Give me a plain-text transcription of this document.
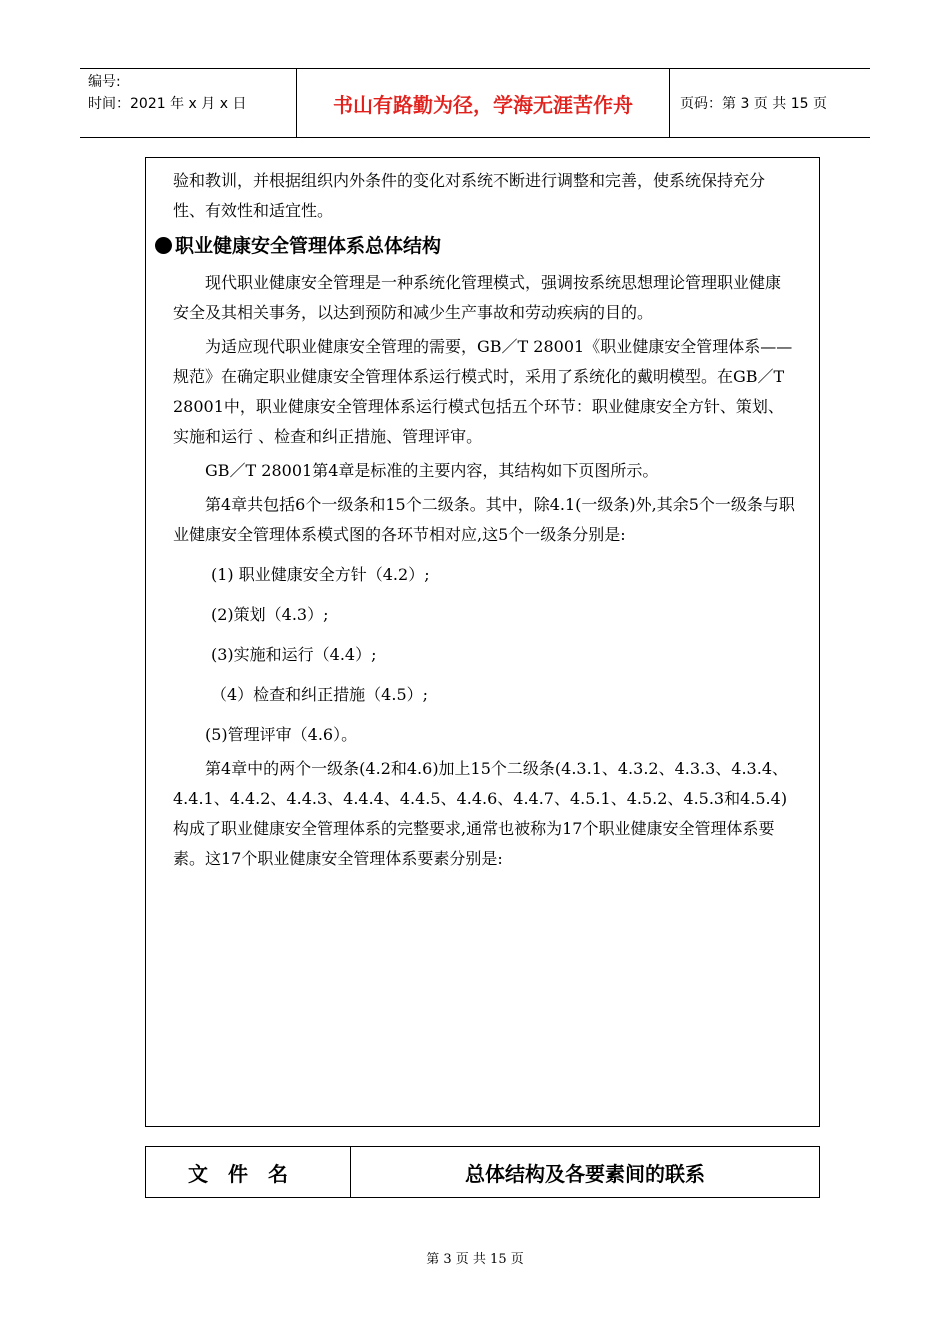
编号:
时间：2021 年 x 月 x 日	书山有路勤为径，学海无涯苦作舟	页码：第 3 页 共 15 页

验和教训，并根据组织内外条件的变化对系统不断进行调整和完善，使系统保持充分性、有效性和适宜性。

职业健康安全管理体系总体结构

现代职业健康安全管理是一种系统化管理模式，强调按系统思想理论管理职业健康安全及其相关事务，以达到预防和减少生产事故和劳动疾病的目的。

为适应现代职业健康安全管理的需要，GB／T 28001《职业健康安全管理体系——规范》在确定职业健康安全管理体系运行模式时，采用了系统化的戴明模型。在GB／T 28001中，职业健康安全管理体系运行模式包括五个环节：职业健康安全方针、策划、实施和运行 、检查和纠正措施、管理评审。

GB／T 28001第4章是标准的主要内容，其结构如下页图所示。

第4章共包括6个一级条和15个二级条。其中，除4.1(一级条)外,其余5个一级条与职业健康安全管理体系模式图的各环节相对应,这5个一级条分别是:

(1) 职业健康安全方针（4.2）;

(2)策划（4.3）;

(3)实施和运行（4.4）;

（4）检查和纠正措施（4.5）;

(5)管理评审（4.6）。

第4章中的两个一级条(4.2和4.6)加上15个二级条(4.3.1、4.3.2、4.3.3、4.3.4、4.4.1、4.4.2、4.4.3、4.4.4、4.4.5、4.4.6、4.4.7、4.5.1、4.5.2、4.5.3和4.5.4)构成了职业健康安全管理体系的完整要求,通常也被称为17个职业健康安全管理体系要素。这17个职业健康安全管理体系要素分别是:

文件名	总体结构及各要素间的联系
第 3 页 共 15 页
